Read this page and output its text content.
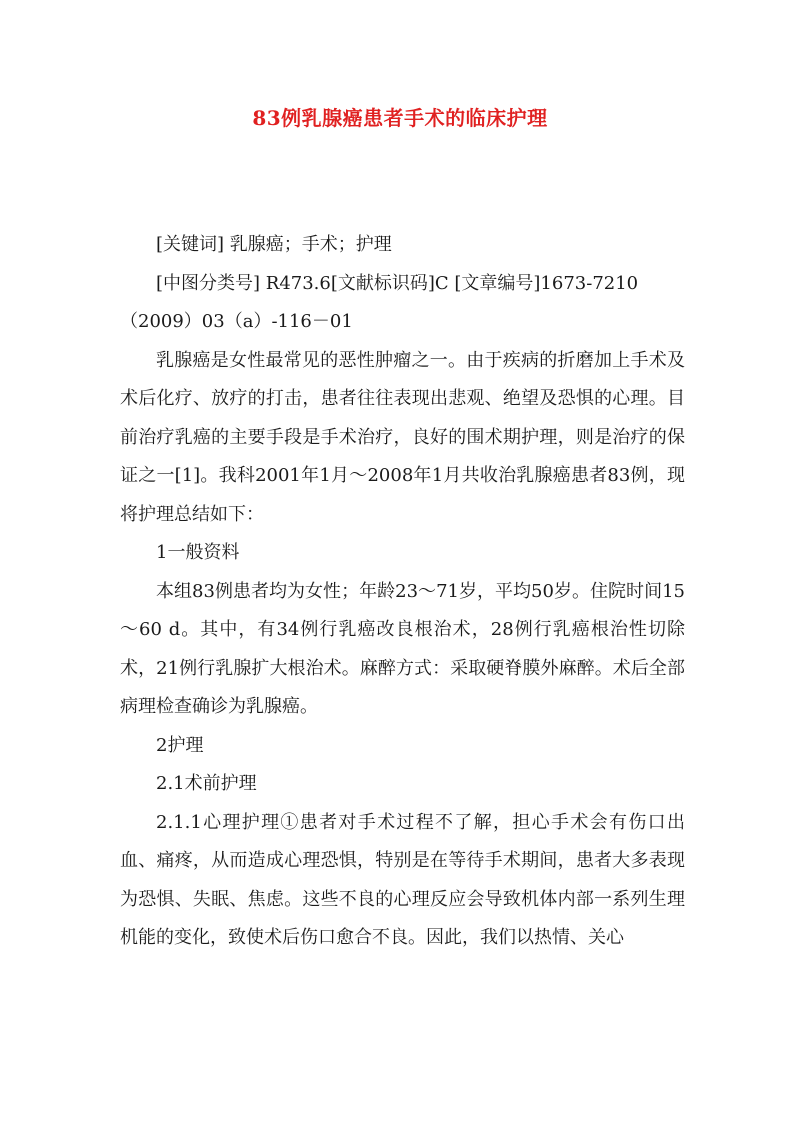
83例乳腺癌患者手术的临床护理

[关键词] 乳腺癌；手术；护理

[中图分类号] R473.6[文献标识码]C [文章编号]1673-7210

（2009）03（a）-116－01

乳腺癌是女性最常见的恶性肿瘤之一。由于疾病的折磨加上手术及术后化疗、放疗的打击，患者往往表现出悲观、绝望及恐惧的心理。目前治疗乳癌的主要手段是手术治疗，良好的围术期护理，则是治疗的保证之一[1]。我科2001年1月～2008年1月共收治乳腺癌患者83例，现将护理总结如下：

1一般资料

本组83例患者均为女性；年龄23～71岁，平均50岁。住院时间15～60 d。其中，有34例行乳癌改良根治术，28例行乳癌根治性切除术，21例行乳腺扩大根治术。麻醉方式：采取硬脊膜外麻醉。术后全部病理检查确诊为乳腺癌。

2护理

2.1术前护理

2.1.1心理护理①患者对手术过程不了解，担心手术会有伤口出血、痛疼，从而造成心理恐惧，特别是在等待手术期间，患者大多表现为恐惧、失眠、焦虑。这些不良的心理反应会导致机体内部一系列生理机能的变化，致使术后伤口愈合不良。因此，我们以热情、关心
